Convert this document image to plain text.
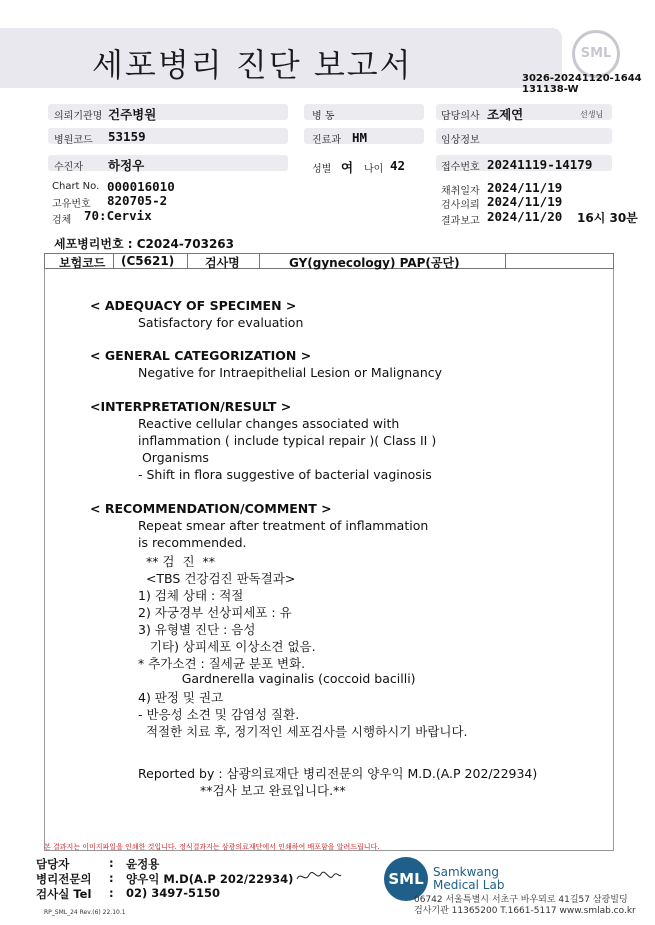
세포병리 진단 보고서	SML
3026-20241120-1644
131138-W
의뢰기관명 건주병원	병 동	담당의사 조제연	선생님
병원코드 53159	진료과 HM	임상정보
수진자 하정우	성별 여 나이 42	접수번호 20241119-14179
Chart No. 000016010
고유번호 820705-2
검체 70:Cervix
채취일자 2024/11/19
검사의뢰 2024/11/19
결과보고 2024/11/20 16시 30분
세포병리번호 : C2024-703263
보험코드 (C5621)	검사명	GY(gynecology) PAP(공단)
< ADEQUACY OF SPECIMEN >
Satisfactory for evaluation
< GENERAL CATEGORIZATION >
Negative for Intraepithelial Lesion or Malignancy
<INTERPRETATION/RESULT >
Reactive cellular changes associated with
inflammation ( include typical repair )( Class II )
Organisms
- Shift in flora suggestive of bacterial vaginosis
< RECOMMENDATION/COMMENT >
Repeat smear after treatment of inflammation
is recommended.
** 검  진  **
<TBS 건강검진 판독결과>
1) 검체 상태 : 적절
2) 자궁경부 선상피세포 : 유
3) 유형별 진단 : 음성
기타) 상피세포 이상소견 없음.
* 추가소견 : 질세균 분포 변화.
Gardnerella vaginalis (coccoid bacilli)
4) 판정 및 권고
- 반응성 소견 및 감염성 질환.
적절한 치료 후, 정기적인 세포검사를 시행하시기 바랍니다.
Reported by : 삼광의료재단 병리전문의 양우익 M.D.(A.P 202/22934)
**검사 보고 완료입니다.**
본 결과지는 이미지파일을 인쇄한 것입니다. 정식결과지는 삼광의료재단에서 인쇄하여 배포함을 알려드립니다.
담당자	: 윤정용
병리전문의 : 양우익 M.D(A.P 202/22934)
검사실 Tel : 02) 3497-5150
SML Samkwang
Medical Lab
06742 서울특별시 서초구 바우뫼로 41길57 삼광빌딩
검사기관 11365200 T.1661-5117 www.smlab.co.kr
RP_SML_24 Rev.(6) 22.10.1
